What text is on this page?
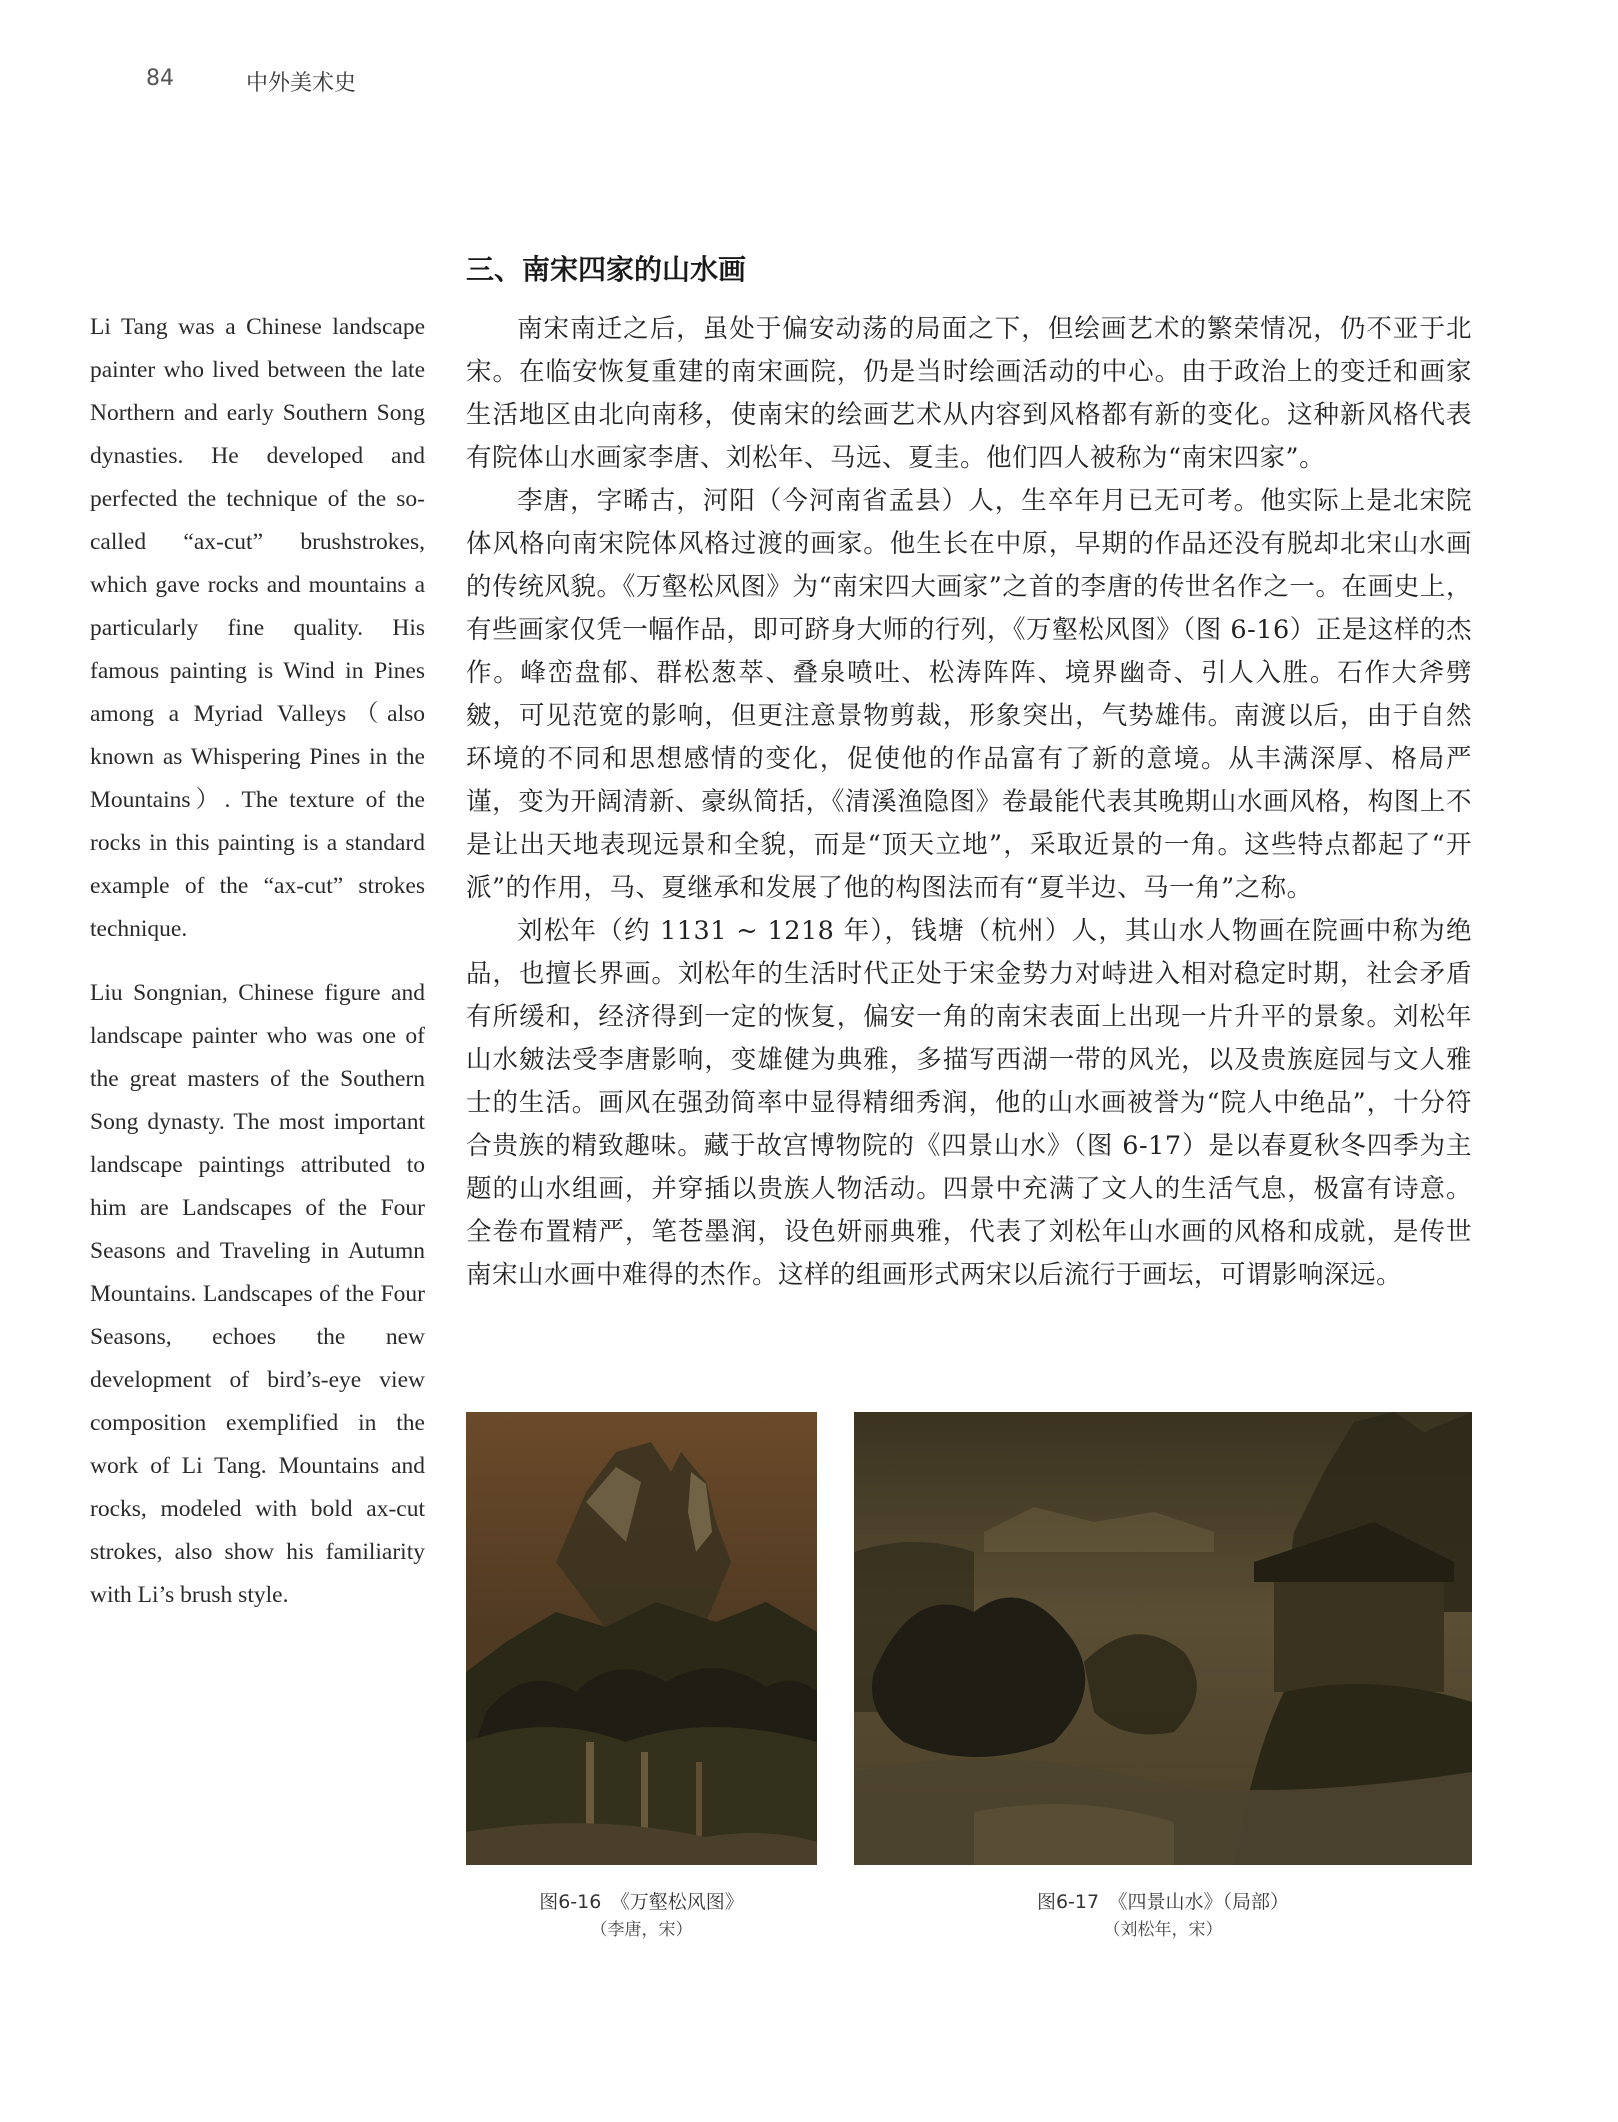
84	中外美术史
三、南宋四家的山水画

Li Tang was a Chinese landscape painter who lived between the late Northern and early Southern Song dynasties. He developed and perfected the technique of the so-called “ax-cut” brushstrokes, which gave rocks and mountains a particularly fine quality. His famous painting is Wind in Pines among a Myriad Valleys（also known as Whispering Pines in the Mountains）. The texture of the rocks in this painting is a standard example of the “ax-cut” strokes technique.

Liu Songnian, Chinese figure and landscape painter who was one of the great masters of the Southern Song dynasty. The most important landscape paintings attributed to him are Landscapes of the Four Seasons and Traveling in Autumn Mountains. Landscapes of the Four Seasons, echoes the new development of bird’s-eye view composition exemplified in the work of Li Tang. Mountains and rocks, modeled with bold ax-cut strokes, also show his familiarity with Li’s brush style.

南宋南迁之后，虽处于偏安动荡的局面之下，但绘画艺术的繁荣情况，仍不亚于北宋。在临安恢复重建的南宋画院，仍是当时绘画活动的中心。由于政治上的变迁和画家生活地区由北向南移，使南宋的绘画艺术从内容到风格都有新的变化。这种新风格代表有院体山水画家李唐、刘松年、马远、夏圭。他们四人被称为“南宋四家”。

李唐，字晞古，河阳（今河南省孟县）人，生卒年月已无可考。他实际上是北宋院体风格向南宋院体风格过渡的画家。他生长在中原，早期的作品还没有脱却北宋山水画的传统风貌。《万壑松风图》为“南宋四大画家”之首的李唐的传世名作之一。在画史上，有些画家仅凭一幅作品，即可跻身大师的行列，《万壑松风图》（图 6-16）正是这样的杰作。峰峦盘郁、群松葱萃、叠泉喷吐、松涛阵阵、境界幽奇、引人入胜。石作大斧劈皴，可见范宽的影响，但更注意景物剪裁，形象突出，气势雄伟。南渡以后，由于自然环境的不同和思想感情的变化，促使他的作品富有了新的意境。从丰满深厚、格局严谨，变为开阔清新、豪纵简括，《清溪渔隐图》卷最能代表其晚期山水画风格，构图上不是让出天地表现远景和全貌，而是“顶天立地”，采取近景的一角。这些特点都起了“开派”的作用，马、夏继承和发展了他的构图法而有“夏半边、马一角”之称。

刘松年（约 1131 ~ 1218 年），钱塘（杭州）人，其山水人物画在院画中称为绝品，也擅长界画。刘松年的生活时代正处于宋金势力对峙进入相对稳定时期，社会矛盾有所缓和，经济得到一定的恢复，偏安一角的南宋表面上出现一片升平的景象。刘松年山水皴法受李唐影响，变雄健为典雅，多描写西湖一带的风光，以及贵族庭园与文人雅士的生活。画风在强劲简率中显得精细秀润，他的山水画被誉为“院人中绝品”，十分符合贵族的精致趣味。藏于故宫博物院的《四景山水》（图 6-17）是以春夏秋冬四季为主题的山水组画，并穿插以贵族人物活动。四景中充满了文人的生活气息，极富有诗意。全卷布置精严，笔苍墨润，设色妍丽典雅，代表了刘松年山水画的风格和成就，是传世南宋山水画中难得的杰作。这样的组画形式两宋以后流行于画坛，可谓影响深远。

图6-16　《万壑松风图》
（李唐，宋）
图6-17　《四景山水》（局部）
（刘松年，宋）
